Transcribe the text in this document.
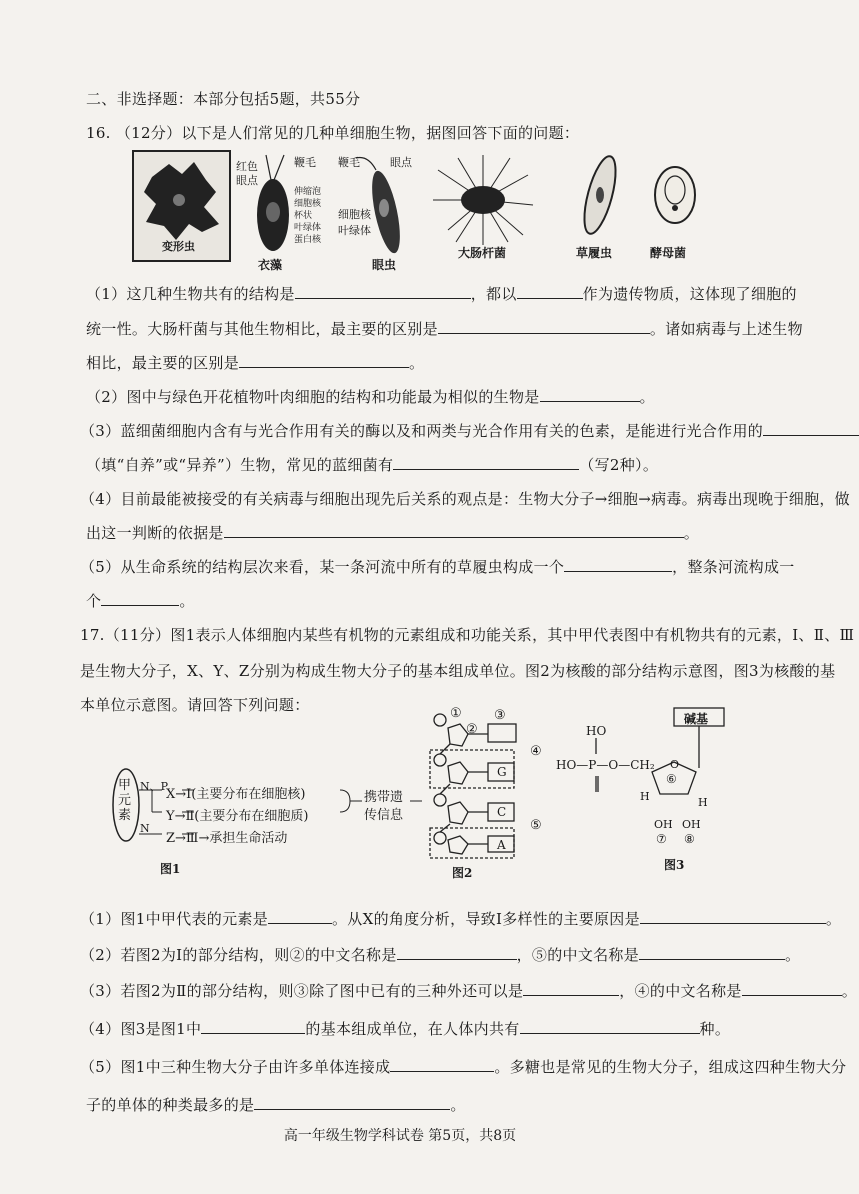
二、非选择题：本部分包括5题，共55分
16. （12分）以下是人们常见的几种单细胞生物，据图回答下面的问题：
变形虫
红色
眼点
鞭毛
伸缩泡
细胞核
杯状
叶绿体
蛋白核
衣藻
鞭毛	眼点
细胞核
叶绿体
眼虫
大肠杆菌	草履虫	酵母菌
（1）这几种生物共有的结构是	，都以	作为遗传物质，这体现了细胞的
统一性。大肠杆菌与其他生物相比，最主要的区别是	。诸如病毒与上述生物
相比，最主要的区别是	。
（2）图中与绿色开花植物叶肉细胞的结构和功能最为相似的生物是	。
（3）蓝细菌细胞内含有与光合作用有关的酶以及和两类与光合作用有关的色素，是能进行光合作用的
（填“自养”或“异养”）生物，常见的蓝细菌有	（写2种）。
（4）目前最能被接受的有关病毒与细胞出现先后关系的观点是：生物大分子→细胞→病毒。病毒出现晚于细胞，做
出这一判断的依据是	。
（5）从生命系统的结构层次来看，某一条河流中所有的草履虫构成一个	，整条河流构成一
个	。
17.（11分）图1表示人体细胞内某些有机物的元素组成和功能关系，其中甲代表图中有机物共有的元素，Ⅰ、Ⅱ、Ⅲ
是生物大分子，X、Y、Z分别为构成生物大分子的基本组成单位。图2为核酸的部分结构示意图，图3为核酸的基
本单位示意图。请回答下列问题：
甲元素
N、P
N
X→Ⅰ(主要分布在细胞核)
Y→Ⅱ(主要分布在细胞质)
Z→Ⅲ→承担生命活动
携带遗
传信息
图1
①
②
③
④
⑤
G
C
A
图2
碱基
HO
HO—P—O—CH₂ O
⑥
H	H
OH OH
⑦ ⑧
图3
（1）图1中甲代表的元素是	。从X的角度分析，导致Ⅰ多样性的主要原因是	。
（2）若图2为Ⅰ的部分结构，则②的中文名称是	，⑤的中文名称是	。
（3）若图2为Ⅱ的部分结构，则③除了图中已有的三种外还可以是	，④的中文名称是	。
（4）图3是图1中	的基本组成单位，在人体内共有	种。
（5）图1中三种生物大分子由许多单体连接成	。多糖也是常见的生物大分子，组成这四种生物大分
子的单体的种类最多的是	。
高一年级生物学科试卷 第5页，共8页
